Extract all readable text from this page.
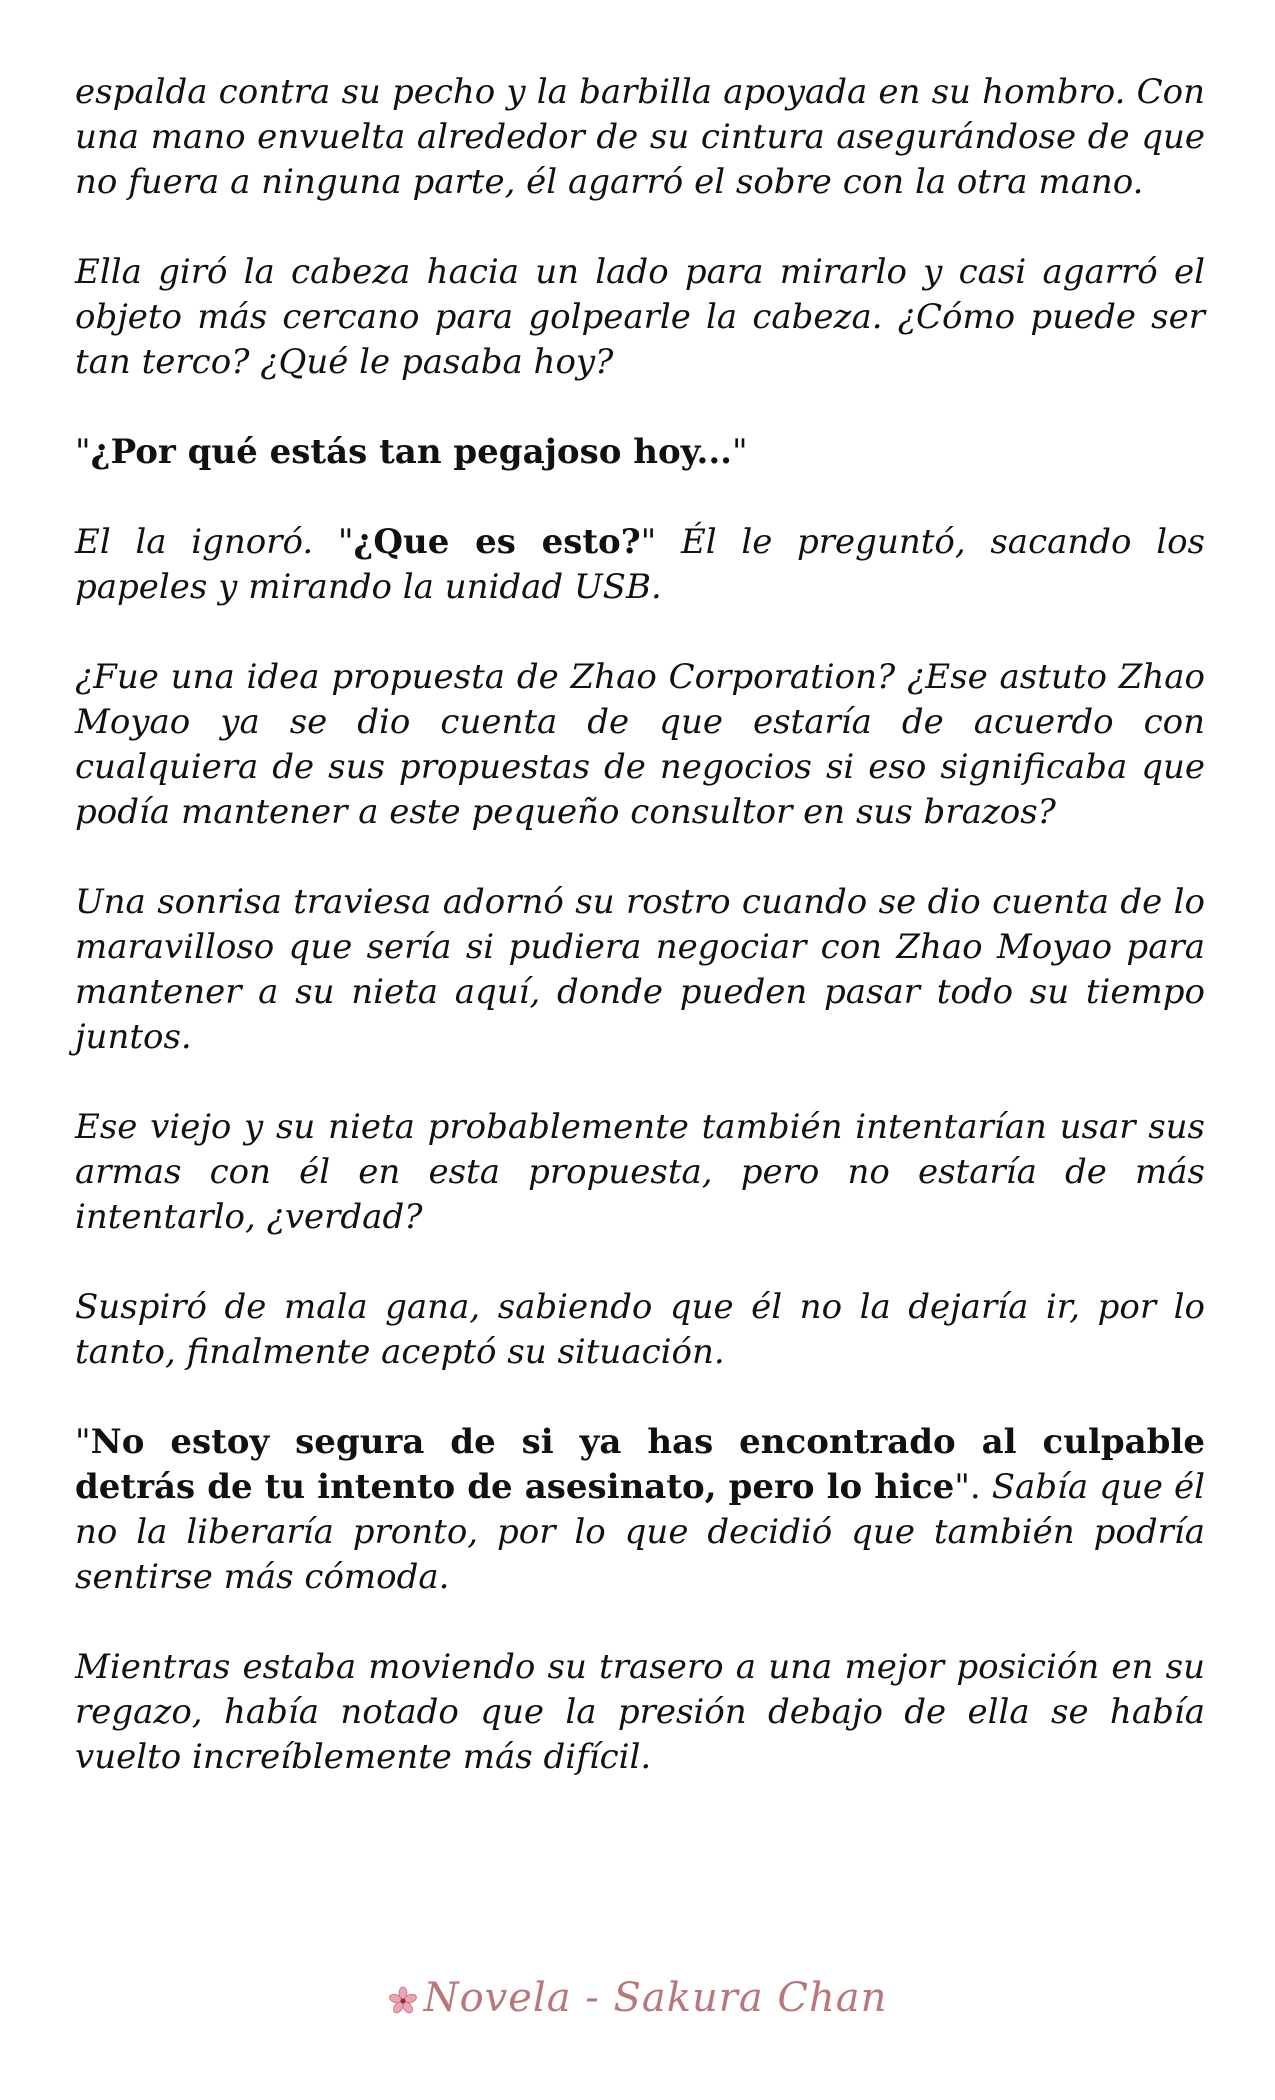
espalda contra su pecho y la barbilla apoyada en su hombro. Con una mano envuelta alrededor de su cintura asegurándose de que no fuera a ninguna parte, él agarró el sobre con la otra mano.

Ella giró la cabeza hacia un lado para mirarlo y casi agarró el objeto más cercano para golpearle la cabeza. ¿Cómo puede ser tan terco? ¿Qué le pasaba hoy?

"¿Por qué estás tan pegajoso hoy..."

El la ignoró. "¿Que es esto?" Él le preguntó, sacando los papeles y mirando la unidad USB.

¿Fue una idea propuesta de Zhao Corporation? ¿Ese astuto Zhao Moyao ya se dio cuenta de que estaría de acuerdo con cualquiera de sus propuestas de negocios si eso significaba que podía mantener a este pequeño consultor en sus brazos?

Una sonrisa traviesa adornó su rostro cuando se dio cuenta de lo maravilloso que sería si pudiera negociar con Zhao Moyao para mantener a su nieta aquí, donde pueden pasar todo su tiempo juntos.

Ese viejo y su nieta probablemente también intentarían usar sus armas con él en esta propuesta, pero no estaría de más intentarlo, ¿verdad?

Suspiró de mala gana, sabiendo que él no la dejaría ir, por lo tanto, finalmente aceptó su situación.

"No estoy segura de si ya has encontrado al culpable detrás de tu intento de asesinato, pero lo hice". Sabía que él no la liberaría pronto, por lo que decidió que también podría sentirse más cómoda.

Mientras estaba moviendo su trasero a una mejor posición en su regazo, había notado que la presión debajo de ella se había vuelto increíblemente más difícil.

Novela - Sakura Chan
